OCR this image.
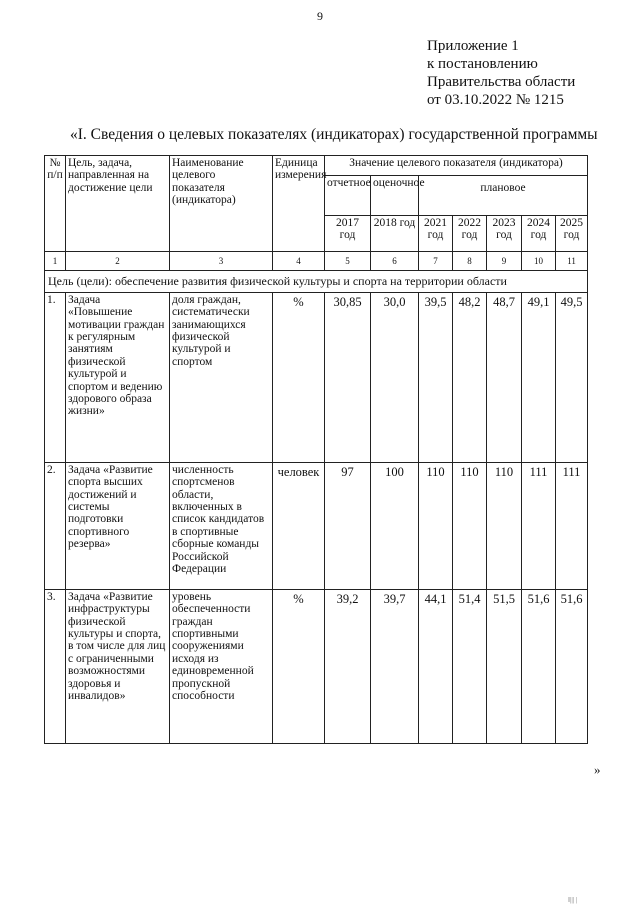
9
Приложение 1
к постановлению
Правительства области
от 03.10.2022 № 1215
«I. Сведения о целевых показателях (индикаторах) государственной программы
№ п/п	Цель, задача, направленная на достижение цели	Наименование целевого показателя (индикатора)	Единица измерения	Значение целевого показателя (индикатора)						
				отчетное	оценочное	плановое				
				2017 год	2018 год	2021 год	2022 год	2023 год	2024 год	2025 год
1	2	3	4	5	6	7	8	9	10	11
Цель (цели): обеспечение развития физической культуры и спорта на территории области										
1.	Задача «Повышение мотивации граждан к регулярным занятиям физической культурой и спортом и ведению здорового образа жизни»	доля граждан, систематически занимающихся физической культурой и спортом	%	30,85	30,0	39,5	48,2	48,7	49,1	49,5
2.	Задача «Развитие спорта высших достижений и системы подготовки спортивного резерва»	численность спортсменов области, включенных в список кандидатов в спортивные сборные команды Российской Федерации	человек	97	100	110	110	110	111	111
3.	Задача «Развитие инфраструктуры физической культуры и спорта, в том числе для лиц с ограниченными возможностями здоровья и инвалидов»	уровень обеспеченности граждан спортивными сооружениями исходя из единовременной пропускной способности	%	39,2	39,7	44,1	51,4	51,5	51,6	51,6
»
ǁ||| |
